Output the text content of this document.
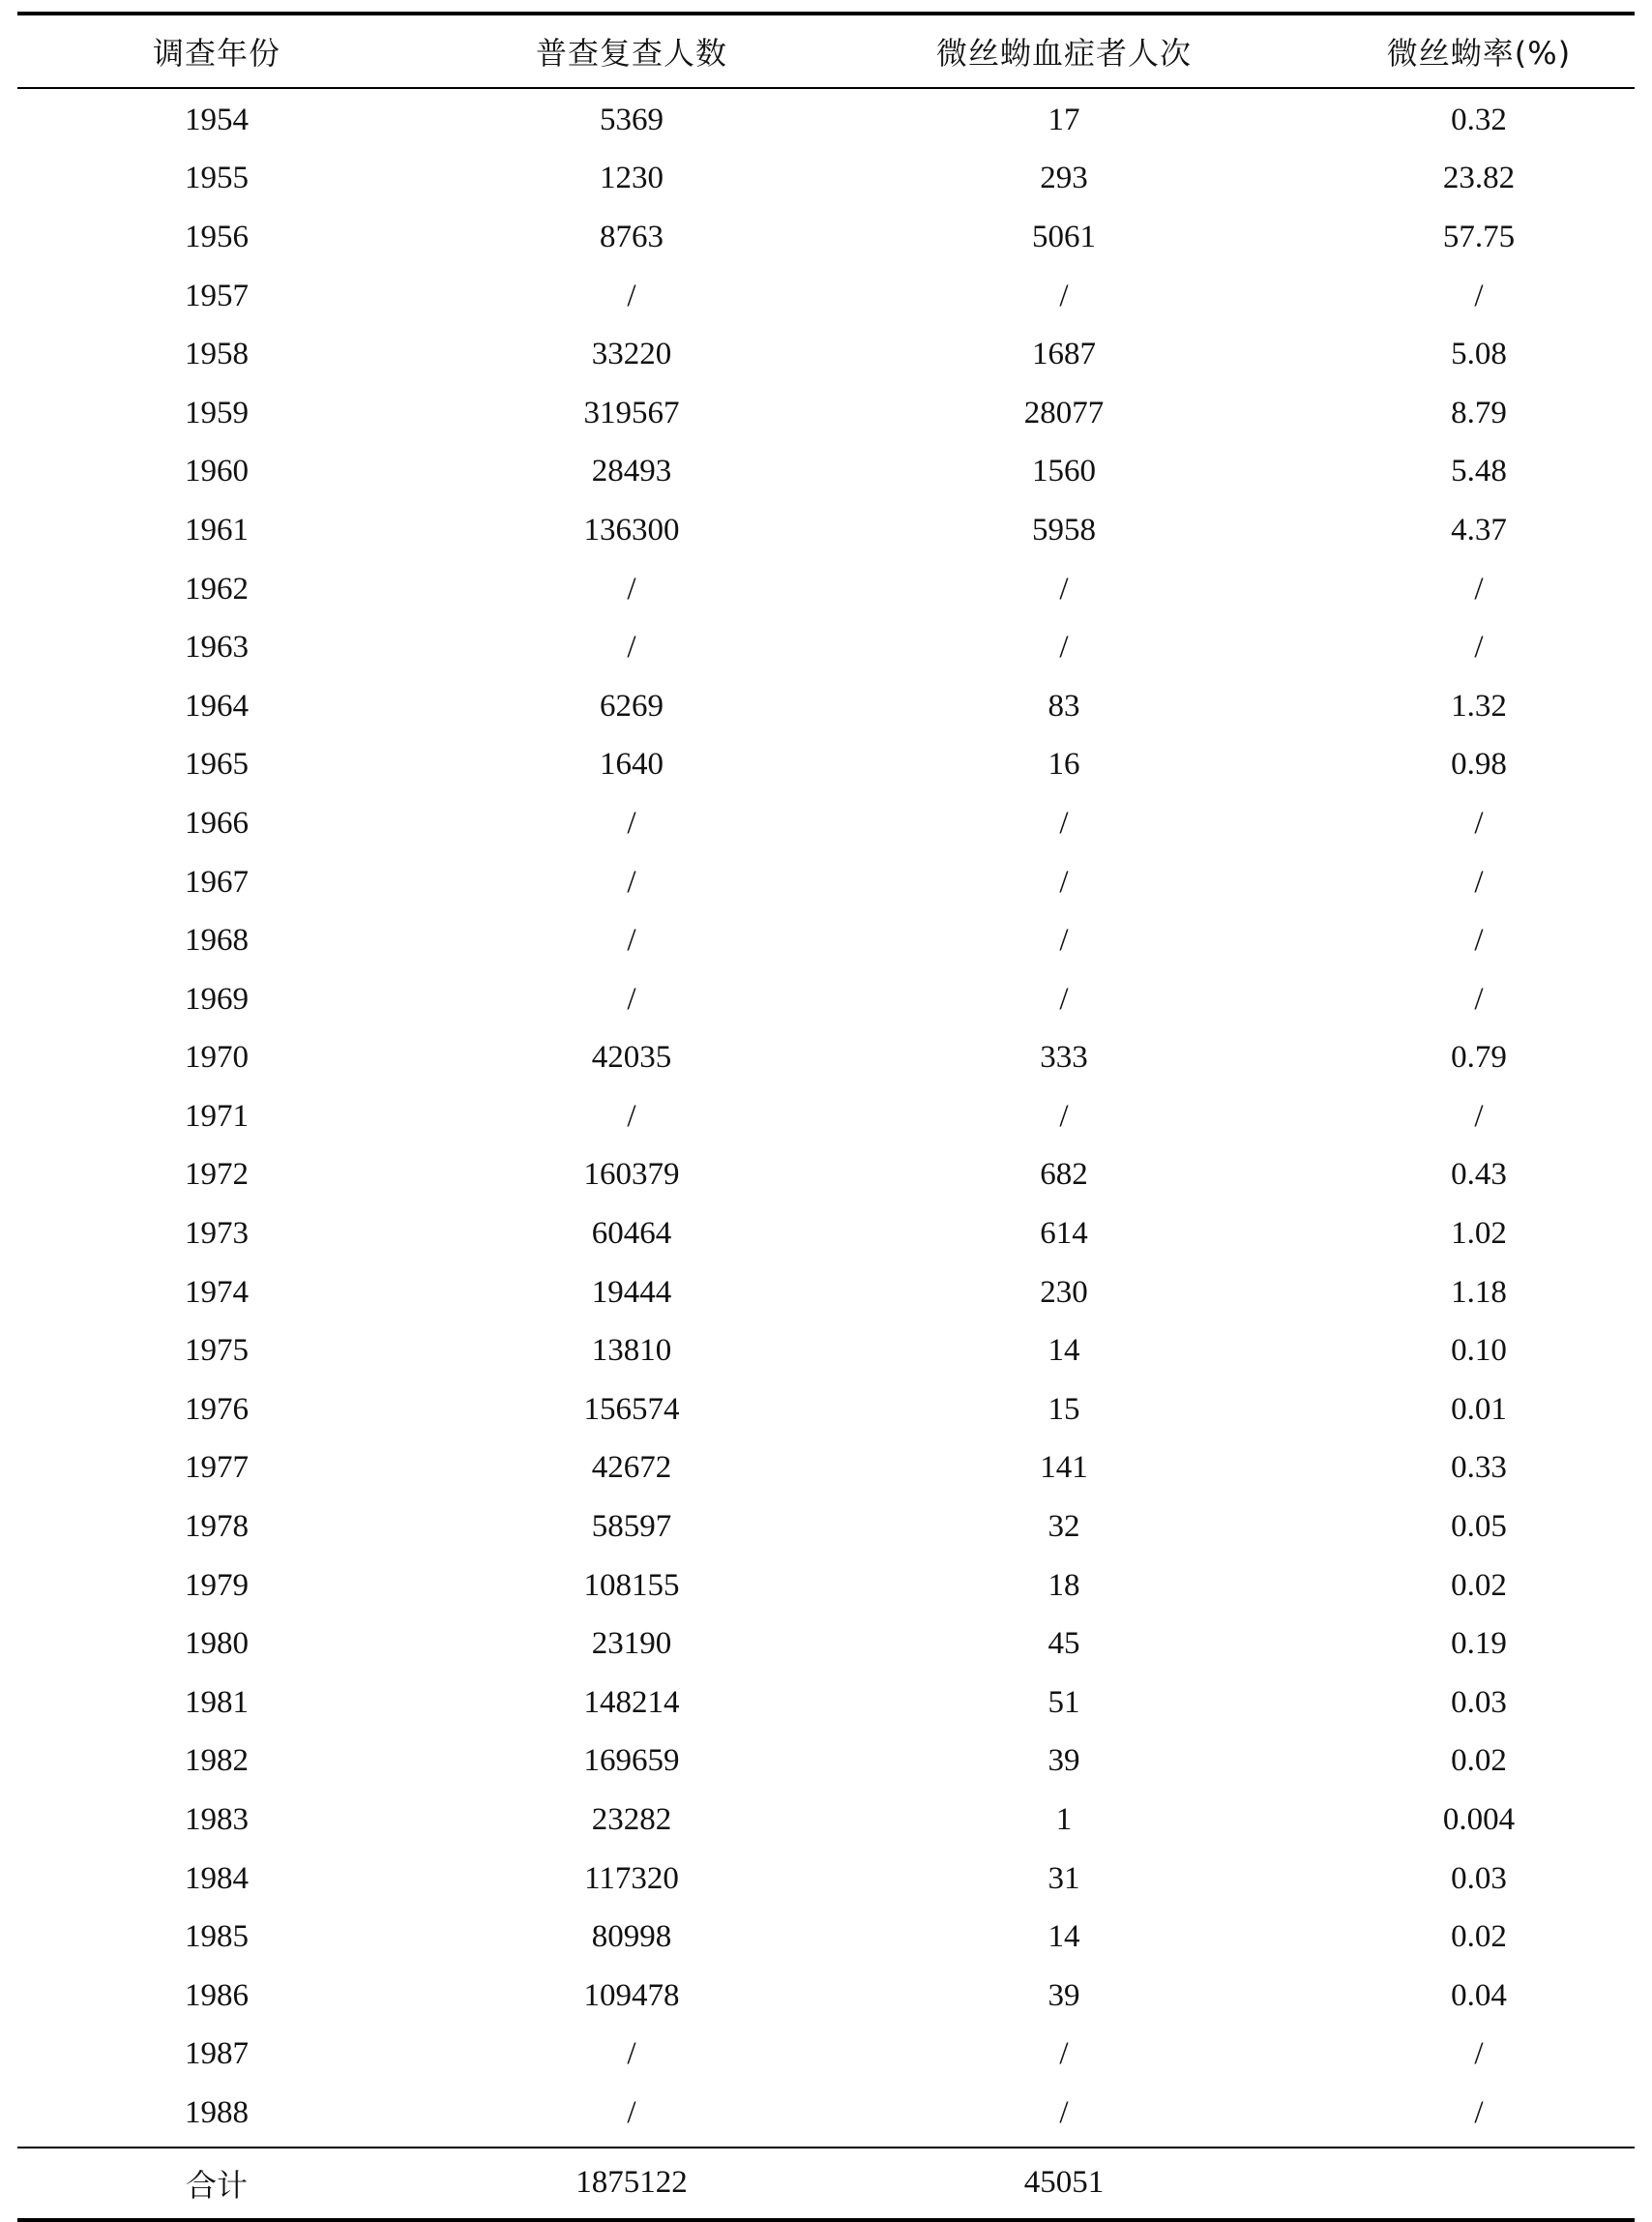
调查年份	普查复查人数	微丝蚴血症者人次	微丝蚴率(%)
1954	5369	17	0.32
1955	1230	293	23.82
1956	8763	5061	57.75
1957	/	/	/
1958	33220	1687	5.08
1959	319567	28077	8.79
1960	28493	1560	5.48
1961	136300	5958	4.37
1962	/	/	/
1963	/	/	/
1964	6269	83	1.32
1965	1640	16	0.98
1966	/	/	/
1967	/	/	/
1968	/	/	/
1969	/	/	/
1970	42035	333	0.79
1971	/	/	/
1972	160379	682	0.43
1973	60464	614	1.02
1974	19444	230	1.18
1975	13810	14	0.10
1976	156574	15	0.01
1977	42672	141	0.33
1978	58597	32	0.05
1979	108155	18	0.02
1980	23190	45	0.19
1981	148214	51	0.03
1982	169659	39	0.02
1983	23282	1	0.004
1984	117320	31	0.03
1985	80998	14	0.02
1986	109478	39	0.04
1987	/	/	/
1988	/	/	/
合计	1875122	45051
